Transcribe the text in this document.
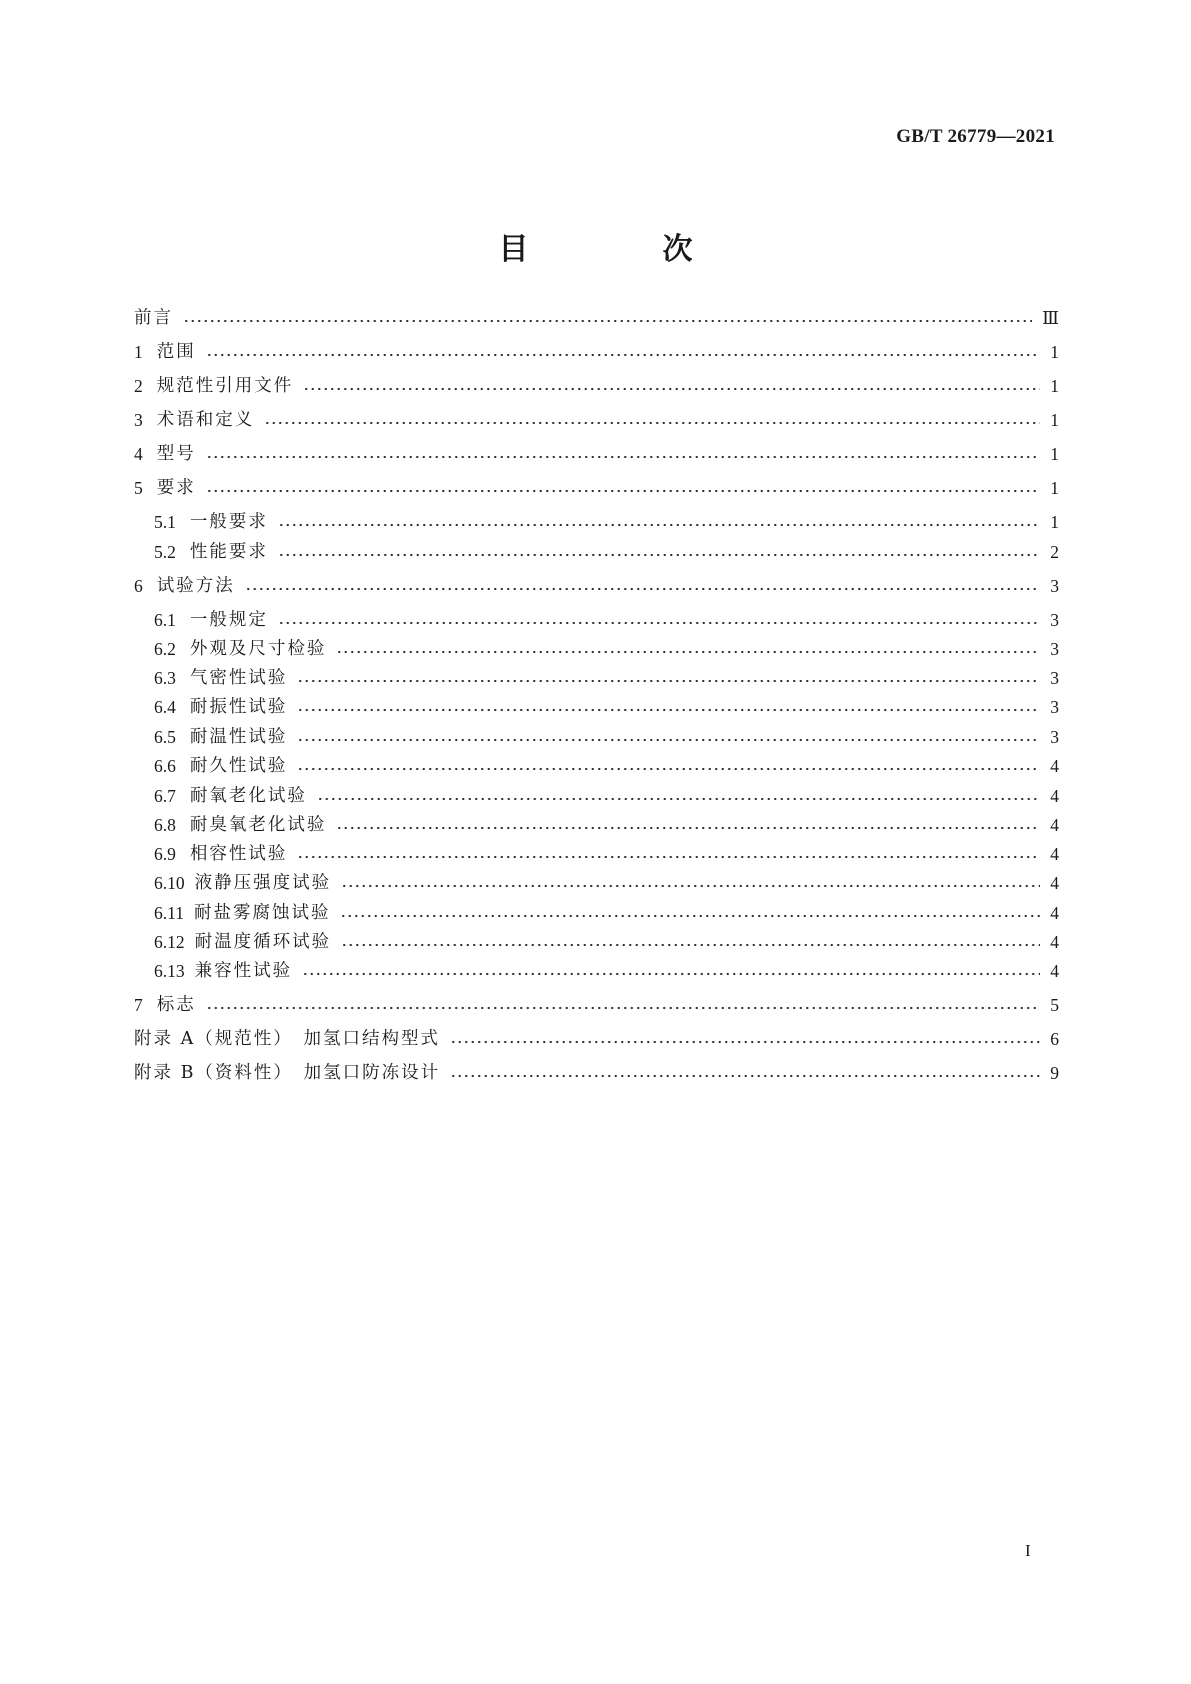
GB/T 26779—2021
目　次
前言	Ⅲ
1 范围	1
2 规范性引用文件	1
3 术语和定义	1
4 型号	1
5 要求	1
5.1 一般要求	1
5.2 性能要求	2
6 试验方法	3
6.1 一般规定	3
6.2 外观及尺寸检验	3
6.3 气密性试验	3
6.4 耐振性试验	3
6.5 耐温性试验	3
6.6 耐久性试验	4
6.7 耐氧老化试验	4
6.8 耐臭氧老化试验	4
6.9 相容性试验	4
6.10 液静压强度试验	4
6.11 耐盐雾腐蚀试验	4
6.12 耐温度循环试验	4
6.13 兼容性试验	4
7 标志	5
附录 A（规范性）　加氢口结构型式	6
附录 B（资料性）　加氢口防冻设计	9
I
